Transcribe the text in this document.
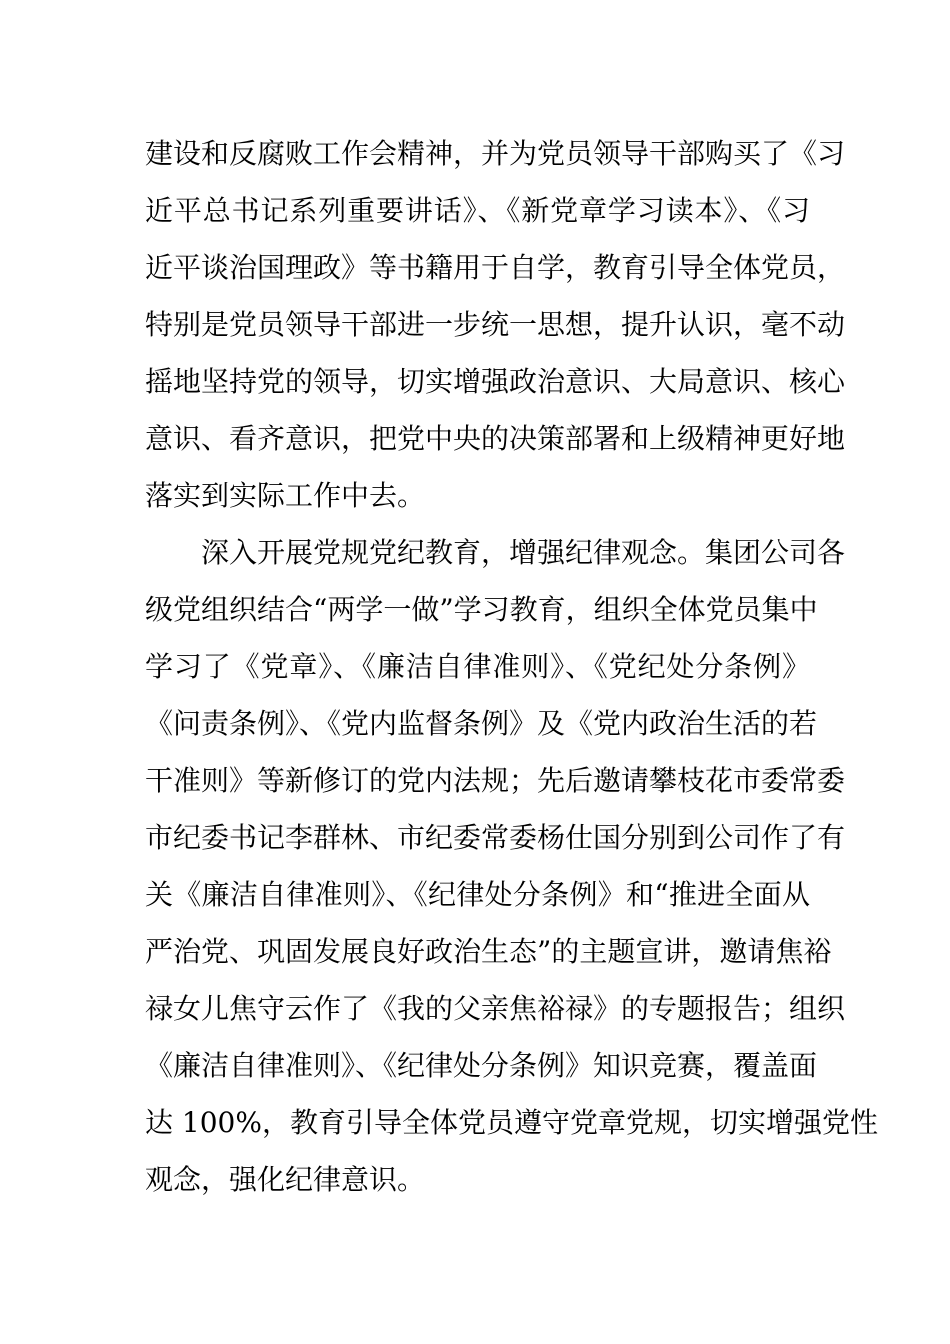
建设和反腐败工作会精神，并为党员领导干部购买了《习
近平总书记系列重要讲话》、《新党章学习读本》、《习
近平谈治国理政》等书籍用于自学，教育引导全体党员，
特别是党员领导干部进一步统一思想，提升认识，毫不动
摇地坚持党的领导，切实增强政治意识、大局意识、核心
意识、看齐意识，把党中央的决策部署和上级精神更好地
落实到实际工作中去。
深入开展党规党纪教育，增强纪律观念。集团公司各
级党组织结合“两学一做”学习教育，组织全体党员集中
学习了《党章》、《廉洁自律准则》、《党纪处分条例》
《问责条例》、《党内监督条例》及《党内政治生活的若
干准则》等新修订的党内法规；先后邀请攀枝花市委常委
市纪委书记李群林、市纪委常委杨仕国分别到公司作了有
关《廉洁自律准则》、《纪律处分条例》和“推进全面从
严治党、巩固发展良好政治生态”的主题宣讲，邀请焦裕
禄女儿焦守云作了《我的父亲焦裕禄》的专题报告；组织
《廉洁自律准则》、《纪律处分条例》知识竞赛，覆盖面
达 100%，教育引导全体党员遵守党章党规，切实增强党性
观念，强化纪律意识。
